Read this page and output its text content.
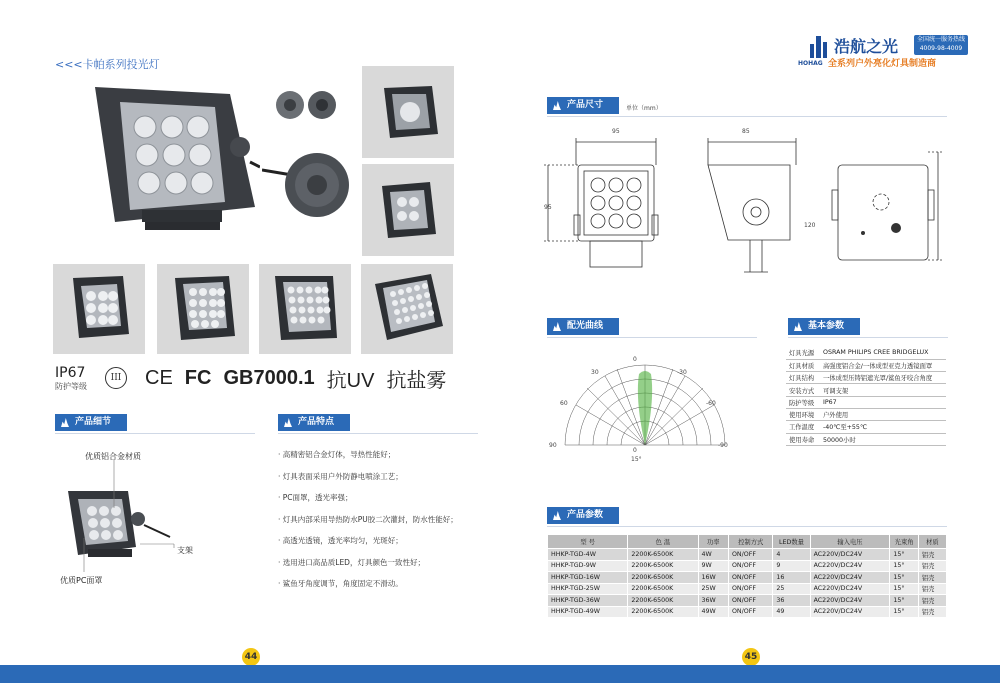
<<<卡帕系列投光灯
IP67
防护等级
III CE FC GB7000.1 抗UV 抗盐雾
产品细节
优质铝合金材质
支架
优质PC面罩
产品特点
· 高精密铝合金灯体，导热性能好；
· 灯具表面采用户外防静电喷涂工艺；
· PC面罩，透光率强；
· 灯具内部采用导热防水PU胶二次灌封，防水性能好；
· 高透光透镜，透光率均匀，光斑好；
· 选用进口高品质LED，灯具颜色一致性好；
· 鲨鱼牙角度调节，角度固定不滑动。
44
浩航之光	全国统一服务热线
4009-98-4009
HOHAG 全系列户外亮化灯具制造商
产品尺寸	单位（mm）
95
95
85
120
配光曲线
0
30	-30
60	-60
90	-90
0
15°
基本参数
灯具光源	OSRAM PHILIPS CREE BRIDGELUX
灯具材质	高强度铝合金/一体成型亚克力透镜面罩
灯具结构	一体成型压铸铝遮光罩/鲨鱼牙咬合角度
安装方式	可调支架
防护等级	IP67
使用环境	户外使用
工作温度	-40℃至+55℃
使用寿命	50000小时
产品参数
型 号	色 温	功率	控制方式	LED数量	输入电压	光束角	材质
HHKP-TGD-4W	2200K-6500K	4W	ON/OFF	4	AC220V/DC24V	15°	铝壳
HHKP-TGD-9W	2200K-6500K	9W	ON/OFF	9	AC220V/DC24V	15°	铝壳
HHKP-TGD-16W	2200K-6500K	16W	ON/OFF	16	AC220V/DC24V	15°	铝壳
HHKP-TGD-25W	2200K-6500K	25W	ON/OFF	25	AC220V/DC24V	15°	铝壳
HHKP-TGD-36W	2200K-6500K	36W	ON/OFF	36	AC220V/DC24V	15°	铝壳
HHKP-TGD-49W	2200K-6500K	49W	ON/OFF	49	AC220V/DC24V	15°	铝壳
45
